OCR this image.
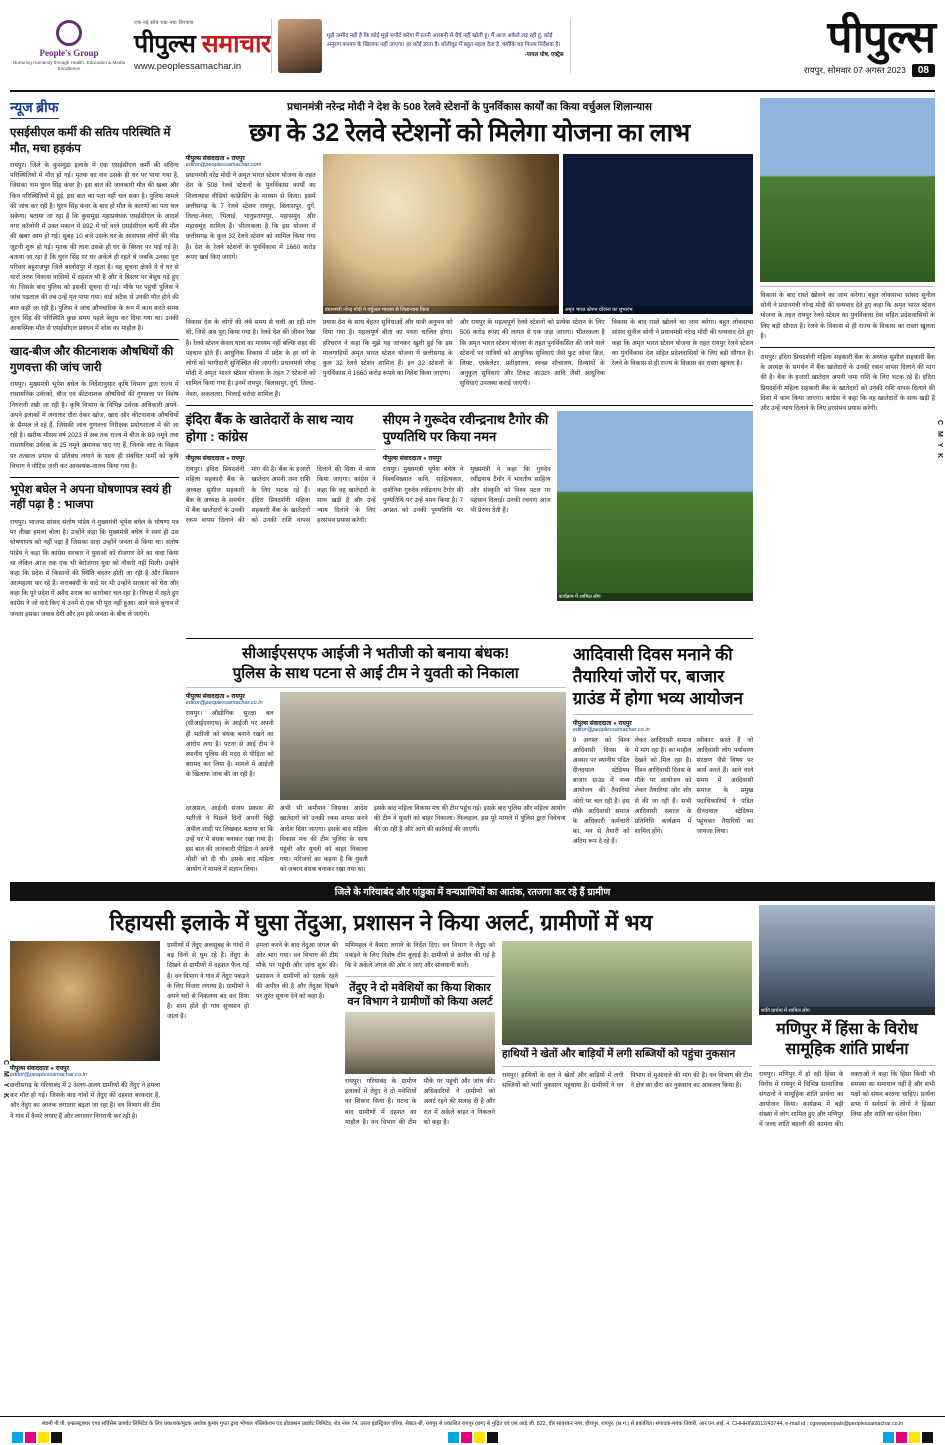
People's Group
Nurturing Humanity through Health, Education & Media Excellence
एक नई सोच एक नया विश्वास
पीपुल्स समाचार
www.peoplessamachar.in
मुझे उम्मीद नहीं है कि कोई मुझे सपोर्ट करेगा मैं इतनी आसानी से धैर्य नहीं खोती हूं। मैं आज अकेले लड़ रही हूं, कोई अनुराग कश्यप के खिलाफ नहीं जाएगा। हर कोई डरता है। बॉलीवुड में बहुत महत्व देता है, क्योंकि वह फिल्म निर्देशक है।
-पायल घोष, एक्ट्रेस	पीपुल्स
रायपुर, सोमवार 07 अगस्त 2023	08
न्यूज ब्रीफ
एसईसीएल कर्मी की सतिय परिस्थिति में मौत, मचा हड़कंप
रायपुर। जिले के कुसमुंडा इलाके में एक एसईसीएल कर्मी की संदिग्ध परिस्थितियों में मौत हो गई। मृतक का शव उसके ही घर पर पाया गया है, जिसका नाम घुरन सिंह कंवर है। इस बात की जानकारी मौत की खबर और किन परिस्थितियों में हुई, इस बात का पता नहीं चल सका है। पुलिस मामले की जांच कर रही है। घुरन सिंह कंवर के बाद हो मौत के कारणों का पता चल सकेगा। बताया जा रहा है कि कुसमुंडा महाप्रबंधक एसईसीएल के आदर्श नगर कॉलोनी में उक्त मकान में 892 में घरे वाले एसईसीएल कर्मी की मौत की खबर आम हो गई। सुबह 10 बजे उसके घर के आसपास लोगों की भीड़ जुटनी शुरू हो गई। मृतक की लाश उसके ही घर के बिस्तर पर पाई गई है। बताया जा रहा है कि घुरन सिंह पर घर अकेले ही रहते थे जबकि उनका पूरा परिवार बहुराजपुर जिले बालोदपुर में रहता है। यह सूचना क्षेत्रवे ये ये घर से चारों तरफ विकास वासियों में दहशत भी है और वे बिस्तर पर बेसुध पड़े हुए थे। जिसके बाद पुलिस को इसकी सूचना दी गई। मौके पर पहुंची पुलिस ने जांच पड़ताल की तब उन्हें मृत पाया गया। वार्ड अटैक से उनकी मौत होने की बात कही जा रही है। पुलिस ने जांच औपचारिक के रूप में काम करते समय घुरन सिंह की परिस्थिति कुछ समय पहले बेसुध कर दिया गया था। उनकी आकस्मिक मौत से एसईसीएल प्रबंधन में शोक का माहौल है।
खाद-बीज और कीटनाशक औषधियों की गुणवत्ता की जांच जारी
रायपुर। मुख्यमंत्री भूपेश बघेल के निर्देशानुसार कृषि विभाग द्वारा राज्य में रासायनिक उर्वरकों, बीज एवं कीटनाशक औषधियों की गुणवत्ता पर विशेष निगरानी रखी जा रही है। कृषि विभाग के विभिन्न उर्वरक अधिकारी अपने-अपने इलाकों में लगातार दौरा देकर खोज, खाद और कीटनाशक औषधियों के सैम्पल ले रहे हैं, जिसकी जांच गुणवत्ता निरीक्षक प्रयोगशाला में की जा रही है। खरीफ मौसम वर्ष 2023 में अब तक राज्य में बीज के 89 नमूने तथा रासायनिक उर्वरक के 25 नमूने अमानक पाए गए हैं, जिनके लाट के विक्रय पर तत्काल प्रभाव से प्रतिबंध लगाने के साथ ही संबंधित फर्मों को कृषि विभाग ने नोटिस जारी कर आवश्यक-तालव किया गया है।
भूपेश बघेल ने अपना घोषणापत्र स्वयं ही नहीं पढ़ा है : भाजपा
रायपुर। भाजपा सांसद संतोष पांडेय ने मुख्यमंत्री भूपेश बघेल के घोषणा पत्र पर तीखा हमला बोला है। उन्होंने कहा कि मुख्यमंत्री बघेल ने स्वयं ही उस घोषणापत्र को नहीं पढ़ा है जिसका वादा उन्होंने जनता से किया था। संतोष पांडेय ने कहा कि कांग्रेस सरकार ने युवाओं को रोजगार देने का वादा किया था लेकिन आज तक एक भी बेरोजगार युवा को नौकरी नहीं मिली। उन्होंने कहा कि प्रदेश में किसानों की स्थिति बदतर होती जा रही है और किसान आत्महत्या कर रहे हैं। शराबबंदी के वादे पर भी उन्होंने सरकार को घेरा और कहा कि पूरे प्रदेश में अवैध शराब का कारोबार चल रहा है। विपक्ष में रहते हुए कांग्रेस ने जो वादे किए थे उनमें से एक भी पूरा नहीं हुआ। आने वाले चुनाव में जनता इसका जवाब देगी और हम इसे जनता के बीच ले जाएंगे।
प्रधानमंत्री नरेन्द्र मोदी ने देश के 508 रेलवे स्टेशनों के पुनर्विकास कार्यों का किया वर्चुअल शिलान्यास
छग के 32 रेलवे स्टेशनों को मिलेगा योजना का लाभ
पीपुल्स संवाददाता ● रायपुर
editor@peoplessamachar.com
प्रधानमंत्री नरेंद्र मोदी ने अमृत भारत स्टेशन योजना के तहत देश के 508 रेलवे स्टेशनों के पुनर्विकास कार्यों का शिलान्यास वीडियो कांफ्रेंसिंग के माध्यम से किया। इसमें छत्तीसगढ़ के 7 रेलवे स्टेशन रायपुर, बिलासपुर, दुर्ग, तिल्दा-नेवरा, भिलाई, भानुप्रतापपुर, महासमुंद और महासमुंद शामिल हैं। भीतरकला है कि इस योजना में छत्तीसगढ़ के कुल 32 रेलवे स्टेशन को शामिल किया गया है। देश के रेलवे स्टेशनों के पुनर्विकास में 1660 करोड़ रूपए खर्च किए जाएंगे।
प्रधानमंत्री नरेन्द्र मोदी ने वर्चुअल माध्यम से शिलान्यास किया	अमृत भारत स्टेशन योजना का शुभारंभ
विकास देश के लोगों की लंबे समय से चली आ रही मांग थी, जिसे अब पूरा किया गया है। रेलवे देश की जीवन रेखा है। रेलवे स्टेशन केवल यात्रा का माध्यम नहीं बल्कि शहर की पहचान होते हैं। आधुनिक विकास में प्रदेश के हर वर्ग के लोगों को भागीदारी सुनिश्चित की जाएगी। प्रधानमंत्री नरेन्द्र मोदी ने अमृत भारत स्टेशन योजना के तहत 7 स्टेशनों को शामिल किया गया है। इनमें रायपुर, बिलासपुर, दुर्ग, तिल्दा-नेवरा, अकलतरा, भिलाई चरोदा शामिल हैं।
प्रयास देश के साथ बेहतर सुविधाओं और यात्री अनुभव को दिया गया है। महत्वपूर्ण बीता का पथरा चालित होगा। हरिचरण ने कहा कि मुझे यह जानकर खुशी हुई कि इस मालगाड़ियों अमृत भारत स्टेशन योजना में छत्तीसगढ़ के कुल 32 रेलवे स्टेशन शामिल हैं। इन 32 स्टेशनों के पुनर्विकास में 1660 करोड़ रूपये का निवेश किया जाएगा।
और रायपुर के महत्वपूर्ण रेलवे स्टेशनों को प्रत्येक स्टेशन के लिए 500 करोड़ रूपए की लागत से एक जड़ा जाएगा। भीतरकला है कि अमृत भारत स्टेशन योजना के तहत पुनर्विकसित की जाने वाले स्टेशनों पर यात्रियों को आधुनिक सुविधाएं जैसे फुट ओवर ब्रिज, लिफ्ट, एस्केलेटर, प्रतीक्षालय, स्वच्छ शौचालय, दिव्यांगों के अनुकूल सुविधाएं और टिकट काउंटर आदि जैसी आधुनिक सुविधाएं उपलब्ध कराई जाएंगी।
विकास के बाद रास्ते खोलने का जाम करेगा। बहुत लोकसभा सांसद सुनील सोनी ने प्रधानमंत्री नरेन्द्र मोदी की धन्यवाद देते हुए कहा कि अमृत भारत स्टेशन योजना के तहत रायपुर रेलवे स्टेशन का पुनर्विकास देश सहित प्रदेशवासियों के लिए बड़ी सौगात है। रेलवे के विकास से ही राज्य के विकास का रास्ता खुलता है।
इंदिरा बैंक के खातेदारों के साथ न्याय होगा : कांग्रेस
पीपुल्स संवाददाता ● रायपुर
रायपुर। इंदिरा प्रियदर्शनी महिला सहकारी बैंक के अध्यक्ष सुशील सहकारी बैंक के अध्यक्ष के समर्थन में बैंक खातेदारों के उनकी रकम वापस दिलाने की मांग की है। बैंक के हजारों खातेदार अपनी जमा राशि के लिए भटक रहे हैं। इंदिरा प्रियदर्शनी महिला सहकारी बैंक के खातेदारों को उनकी राशि वापस दिलाने की दिशा में काम किया जाएगा। कांग्रेस ने कहा कि वह खातेदारों के साथ खड़ी है और उन्हें न्याय दिलाने के लिए हरसंभव प्रयास करेगी।
सीएम ने गुरूदेव रवीन्द्रनाथ टैगोर की पुण्यतिथि पर किया नमन
पीपुल्स संवाददाता ● रायपुर
रायपुर। मुख्यमंत्री भूपेश बघेल ने विश्वविख्यात कवि, साहित्यकार, दार्शनिक गुरुदेव रवींद्रनाथ टैगोर की पुण्यतिथि पर उन्हें नमन किया है। 7 अगस्त को उनकी पुण्यतिथि पर मुख्यमंत्री ने कहा कि गुरुदेव रवींद्रनाथ टैगोर ने भारतीय साहित्य और संस्कृति को विश्व पटल पर पहचान दिलाई। उनकी रचनाएं आज भी प्रेरणा देती हैं।
कार्यक्रम में शामिल लोग
सीआईएसएफ आईजी ने भतीजी को बनाया बंधक!
पुलिस के साथ पटना से आई टीम ने युवती को निकाला
पीपुल्स संवाददाता ● रायपुर
editor@peoplessamachar.co.in
रायपुर। औद्योगिक सुरक्षा बल (सीआईएसएफ) के आईजी पर अपनी ही भतीजी को बंधक बनाने रखने का आरोप लगा है। पटना से आई टीम ने स्थानीय पुलिस की मदद से पीड़िता को बरामद कर लिया है। मामले में आईजी के खिलाफ जांच की जा रही है।
दरअसल, आईजी संजय प्रकाश की भतीजी ने पिछले दिनों अपनी चिट्ठी अपील शादी पर लिखकर बताया था कि उन्हें घर में बंधक बनाकर रखा गया है। इस बात की जानकारी पीड़िता ने अपनी मौसी को दी थी। इसके बाद महिला आयोग ने मामले में संज्ञान लिया।
अभी भी कमीशन जिसका आदेश खातेदारों को उनकी रकम वापस करने आदेश दिया जाएगा। इसके बाद महिला विकास मंच की टीम पुलिस के साथ पहुंची और युवती को बाहर निकाला गया। परिजनों का कहना है कि युवती को जबरन बंधक बनाकर रखा गया था।
इसके बाद महिला विकास मंच की टीम पहुंच गई। इसके बाद पुलिस और महिला आयोग की टीम ने युवती को बाहर निकाला। फिलहाल, इस पूरे मामले में पुलिस द्वारा विवेचना की जा रही है और आगे की कार्रवाई की जाएगी।
आदिवासी दिवस मनाने की तैयारियां जोरों पर, बाजार ग्राउंड में होगा भव्य आयोजन
पीपुल्स संवाददाता ● रायपुर
editor@peoplessamachar.co.in
9 अगस्त को विश्व आदिवासी दिवस के अवसर पर स्थानीय पंडित दीनदयाल स्टेडियम बाजार ग्राउंड में भव्य आयोजन की तैयारियां जोरों पर चल रही हैं। इस मौके आदिवासी समाज के अधिकारी कर्मचारी का, मन से तैयारी को अंतिम रूप दे रहे हैं।
लेकर आदिवासी समाज में मांग रहा है। का माहौल देखने को मिल रहा है। विश्व आदिवासी दिवस के मौके पर आयोजन को लेकर तैयारियां जोर शोर से की जा रही हैं। सभी आदिवासी समाज के प्रतिनिधि कार्यक्रम में शामिल होंगे।
स्वीकार करते हैं जो आदिवासी लोग पर्यावरण संरक्षण जैसे विषय पर कार्य करते हैं। आने वाले समय में आदिवासी समाज के प्रमुख पदाधिकारियों ने पंडित दीनदयाल स्टेडियम पहुंचकर तैयारियों का जायजा लिया।
विकास के बाद रास्ते खोलने का जाम करेगा। बहुत लोकसभा सांसद सुनील सोनी ने प्रधानमंत्री नरेन्द्र मोदी की धन्यवाद देते हुए कहा कि अमृत भारत स्टेशन योजना के तहत रायपुर रेलवे स्टेशन का पुनर्विकास देश सहित प्रदेशवासियों के लिए बड़ी सौगात है। रेलवे के विकास से ही राज्य के विकास का रास्ता खुलता है।
रायपुर। इंदिरा प्रियदर्शनी महिला सहकारी बैंक के अध्यक्ष सुशील सहकारी बैंक के अध्यक्ष के समर्थन में बैंक खातेदारों के उनकी रकम वापस दिलाने की मांग की है। बैंक के हजारों खातेदार अपनी जमा राशि के लिए भटक रहे हैं। इंदिरा प्रियदर्शनी महिला सहकारी बैंक के खातेदारों को उनकी राशि वापस दिलाने की दिशा में काम किया जाएगा। कांग्रेस ने कहा कि वह खातेदारों के साथ खड़ी है और उन्हें न्याय दिलाने के लिए हरसंभव प्रयास करेगी।
जिले के गरियाबंद और पांडुका में वन्यप्राणियों का आतंक, रतजगा कर रहे हैं ग्रामीण
रिहायसी इलाके में घुसा तेंदुआ, प्रशासन ने किया अलर्ट, ग्रामीणों में भय
पीपुल्स संवाददाता ● रायपुर
editor@peoplessamachar.co.in
छत्तीसगढ़ के गरियाबंद में 2 अलग-अलग ग्रामीणों की तेंदुए ने हमला कर मौत हो गई। जिसके बाद गांवों में तेंदुए की दहशत बरकरार है, और तेंदुए का आतंक लगातार बढ़ता जा रहा है। वन विभाग की टीम ने गांव में कैमरे लगाए हैं और लगातार निगरानी कर रही है।
ग्रामीणों में तेंदुए अलसुबह के गांवों में बढ़ दिनों से घूम रहे हैं। तेंदुए के दिखने से ग्रामीणों में दहशत फैल गई है। वन विभाग ने गांव में तेंदुए पकड़ने के लिए पिंजरा लगाया है। ग्रामीणों ने अपने घरों से निकलना बंद कर दिया है। शाम होते ही गांव सुनसान हो जाता है।
हमला करने के बाद तेंदुआ जंगल की ओर भाग गया। वन विभाग की टीम मौके पर पहुंची और जांच शुरू की। प्रशासन ने ग्रामीणों को सतर्क रहने की अपील की है और तेंदुआ दिखने पर तुरंत सूचना देने को कहा है।
मणिमहल ने कैमरा लगाने के निर्देश दिए। वन विभाग ने तेंदुए को पकड़ने के लिए विशेष टीम बुलाई है। ग्रामीणों से अपील की गई है कि वे अकेले जंगल की ओर न जाएं और सावधानी बरतें।
तेंदुए ने दो मवेशियों का किया शिकार वन विभाग ने ग्रामीणों को किया अलर्ट
रायपुर। गरियाबंद के ग्रामीण इलाकों में तेंदुए ने दो मवेशियों का शिकार किया है। घटना के बाद ग्रामीणों में दहशत का माहौल है। वन विभाग की टीम मौके पर पहुंची और जांच की। अधिकारियों ने ग्रामीणों को अलर्ट रहने की सलाह दी है और रात में अकेले बाहर न निकलने को कहा है।
हाथियों ने खेतों और बाड़ियों में लगी सब्जियों को पहुंचा नुकसान
रायपुर। हाथियों के दल ने खेतों और बाड़ियों में लगी सब्जियों को भारी नुकसान पहुंचाया है। ग्रामीणों ने वन विभाग से मुआवजे की मांग की है। वन विभाग की टीम ने क्षेत्र का दौरा कर नुकसान का आकलन किया है।
शांति प्रार्थना में शामिल लोग
मणिपुर में हिंसा के विरोध सामूहिक शांति प्रार्थना
रायपुर। मणिपुर में हो रही हिंसा के विरोध में रायपुर में विभिन्न सामाजिक संगठनों ने सामूहिक शांति प्रार्थना का आयोजन किया। कार्यक्रम में बड़ी संख्या में लोग शामिल हुए और मणिपुर में जल्द शांति बहाली की कामना की। वक्ताओं ने कहा कि हिंसा किसी भी समस्या का समाधान नहीं है और सभी पक्षों को संयम बरतना चाहिए। प्रार्थना सभा में सर्वधर्म के लोगों ने हिस्सा लिया और शांति का संदेश दिया।
C M Y K
C M Y K
स्वामी पी.पी. इन्फ्रास्ट्रक्चर एण्ड सर्विसेस प्रायवेट लिमिटेड के लिए प्रकाशक/मुद्रक अशोक कुमार गुप्ता द्वारा भोपाल पब्लिकेशन एंड प्रोडक्शन प्राइवेट लिमिटेड, शेड नंबर 74, उरला इंडस्ट्रियल एरिया, सेक्टर-बी, रायपुर से प्रकाशित रायपुर (छग) से मुद्रित एवं एस.आई.जी. 822, वीर सावरकर नगर, हीरापुर, रायपुर, (छ.ग.) से प्रकाशित। संपादक-मयंक तिवारी, आर.एन.आई. नं. CHHHIN/2012/43744, e-mail id : cgnewpeopals@peoplessamachar.co.in
